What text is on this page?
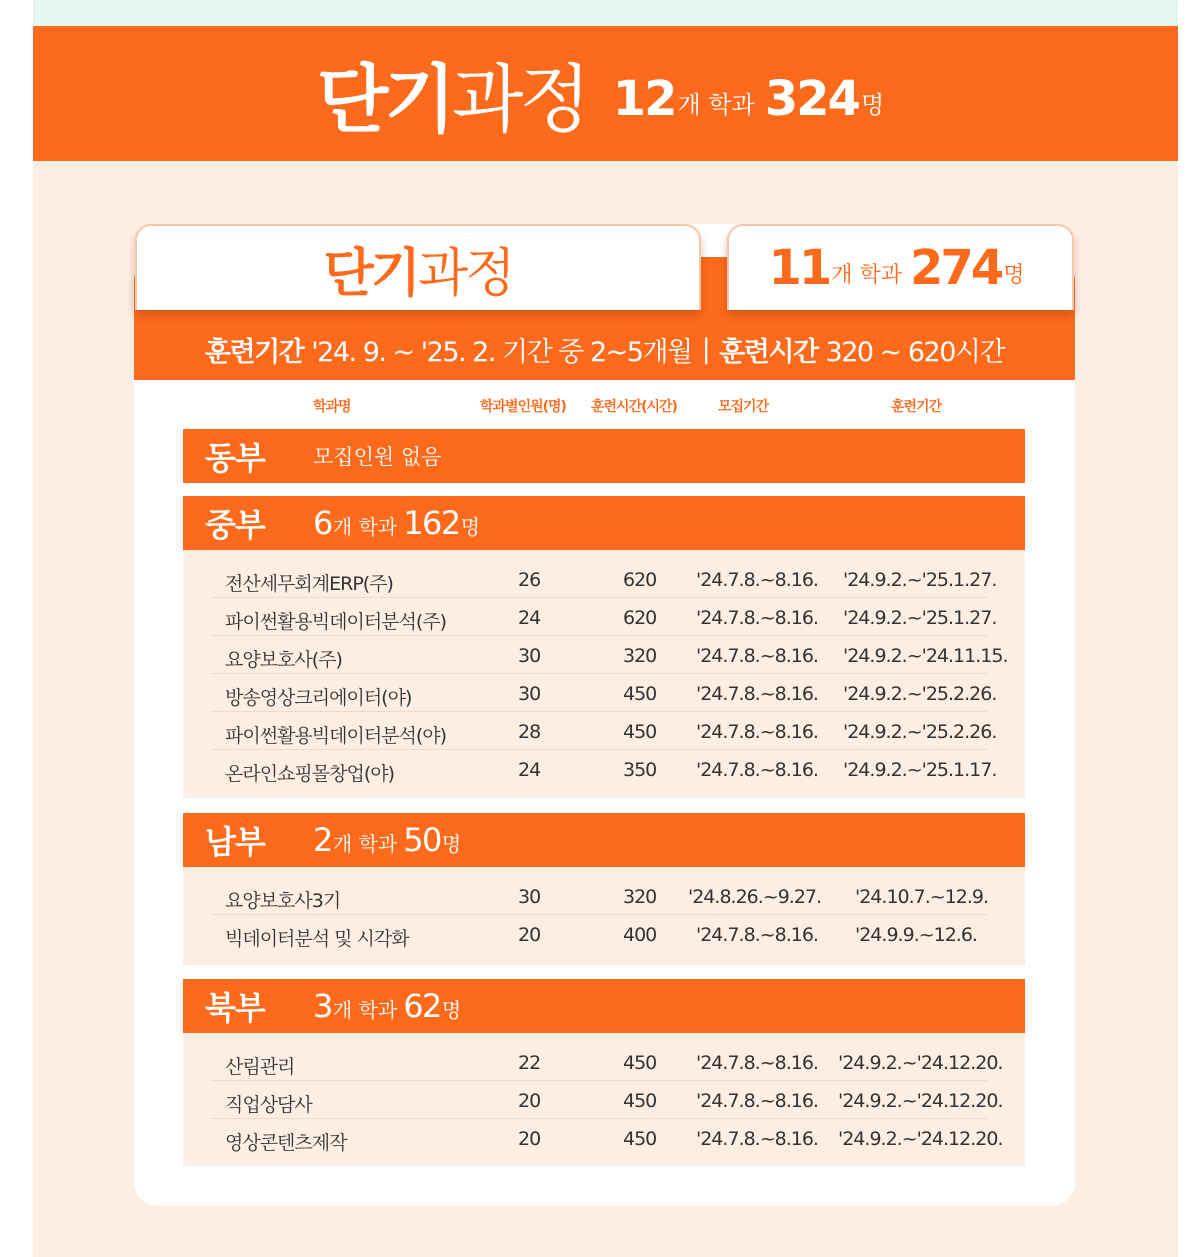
단기 과정 12 개 학과 324 명
단기 과정	11 개 학과 274 명
훈련기간 '24. 9. ~ '25. 2. 기간 중 2~5개월 | 훈련시간 320 ~ 620시간
학과명	학과별인원(명) 훈련시간(시간)	모집기간	훈련기간
동부 모집인원 없음
중부 6 개 학과 162 명
전산세무회계ERP(주)	26	620 '24.7.8.~8.16. '24.9.2.~'25.1.27.
파이썬활용빅데이터분석(주)	24	620 '24.7.8.~8.16. '24.9.2.~'25.1.27.
요양보호사(주)	30	320 '24.7.8.~8.16. '24.9.2.~'24.11.15.
방송영상크리에이터(야)	30	450 '24.7.8.~8.16. '24.9.2.~'25.2.26.
파이썬활용빅데이터분석(야)	28	450 '24.7.8.~8.16. '24.9.2.~'25.2.26.
온라인쇼핑몰창업(야)	24	350 '24.7.8.~8.16. '24.9.2.~'25.1.17.
남부 2 개 학과 50 명
요양보호사3기	30	320 '24.8.26.~9.27. '24.10.7.~12.9.
빅데이터분석 및 시각화	20	400 '24.7.8.~8.16. '24.9.9.~12.6.
북부 3 개 학과 62 명
산림관리	22	450 '24.7.8.~8.16. '24.9.2.~'24.12.20.
직업상담사	20	450 '24.7.8.~8.16. '24.9.2.~'24.12.20.
영상콘텐츠제작	20	450 '24.7.8.~8.16. '24.9.2.~'24.12.20.
